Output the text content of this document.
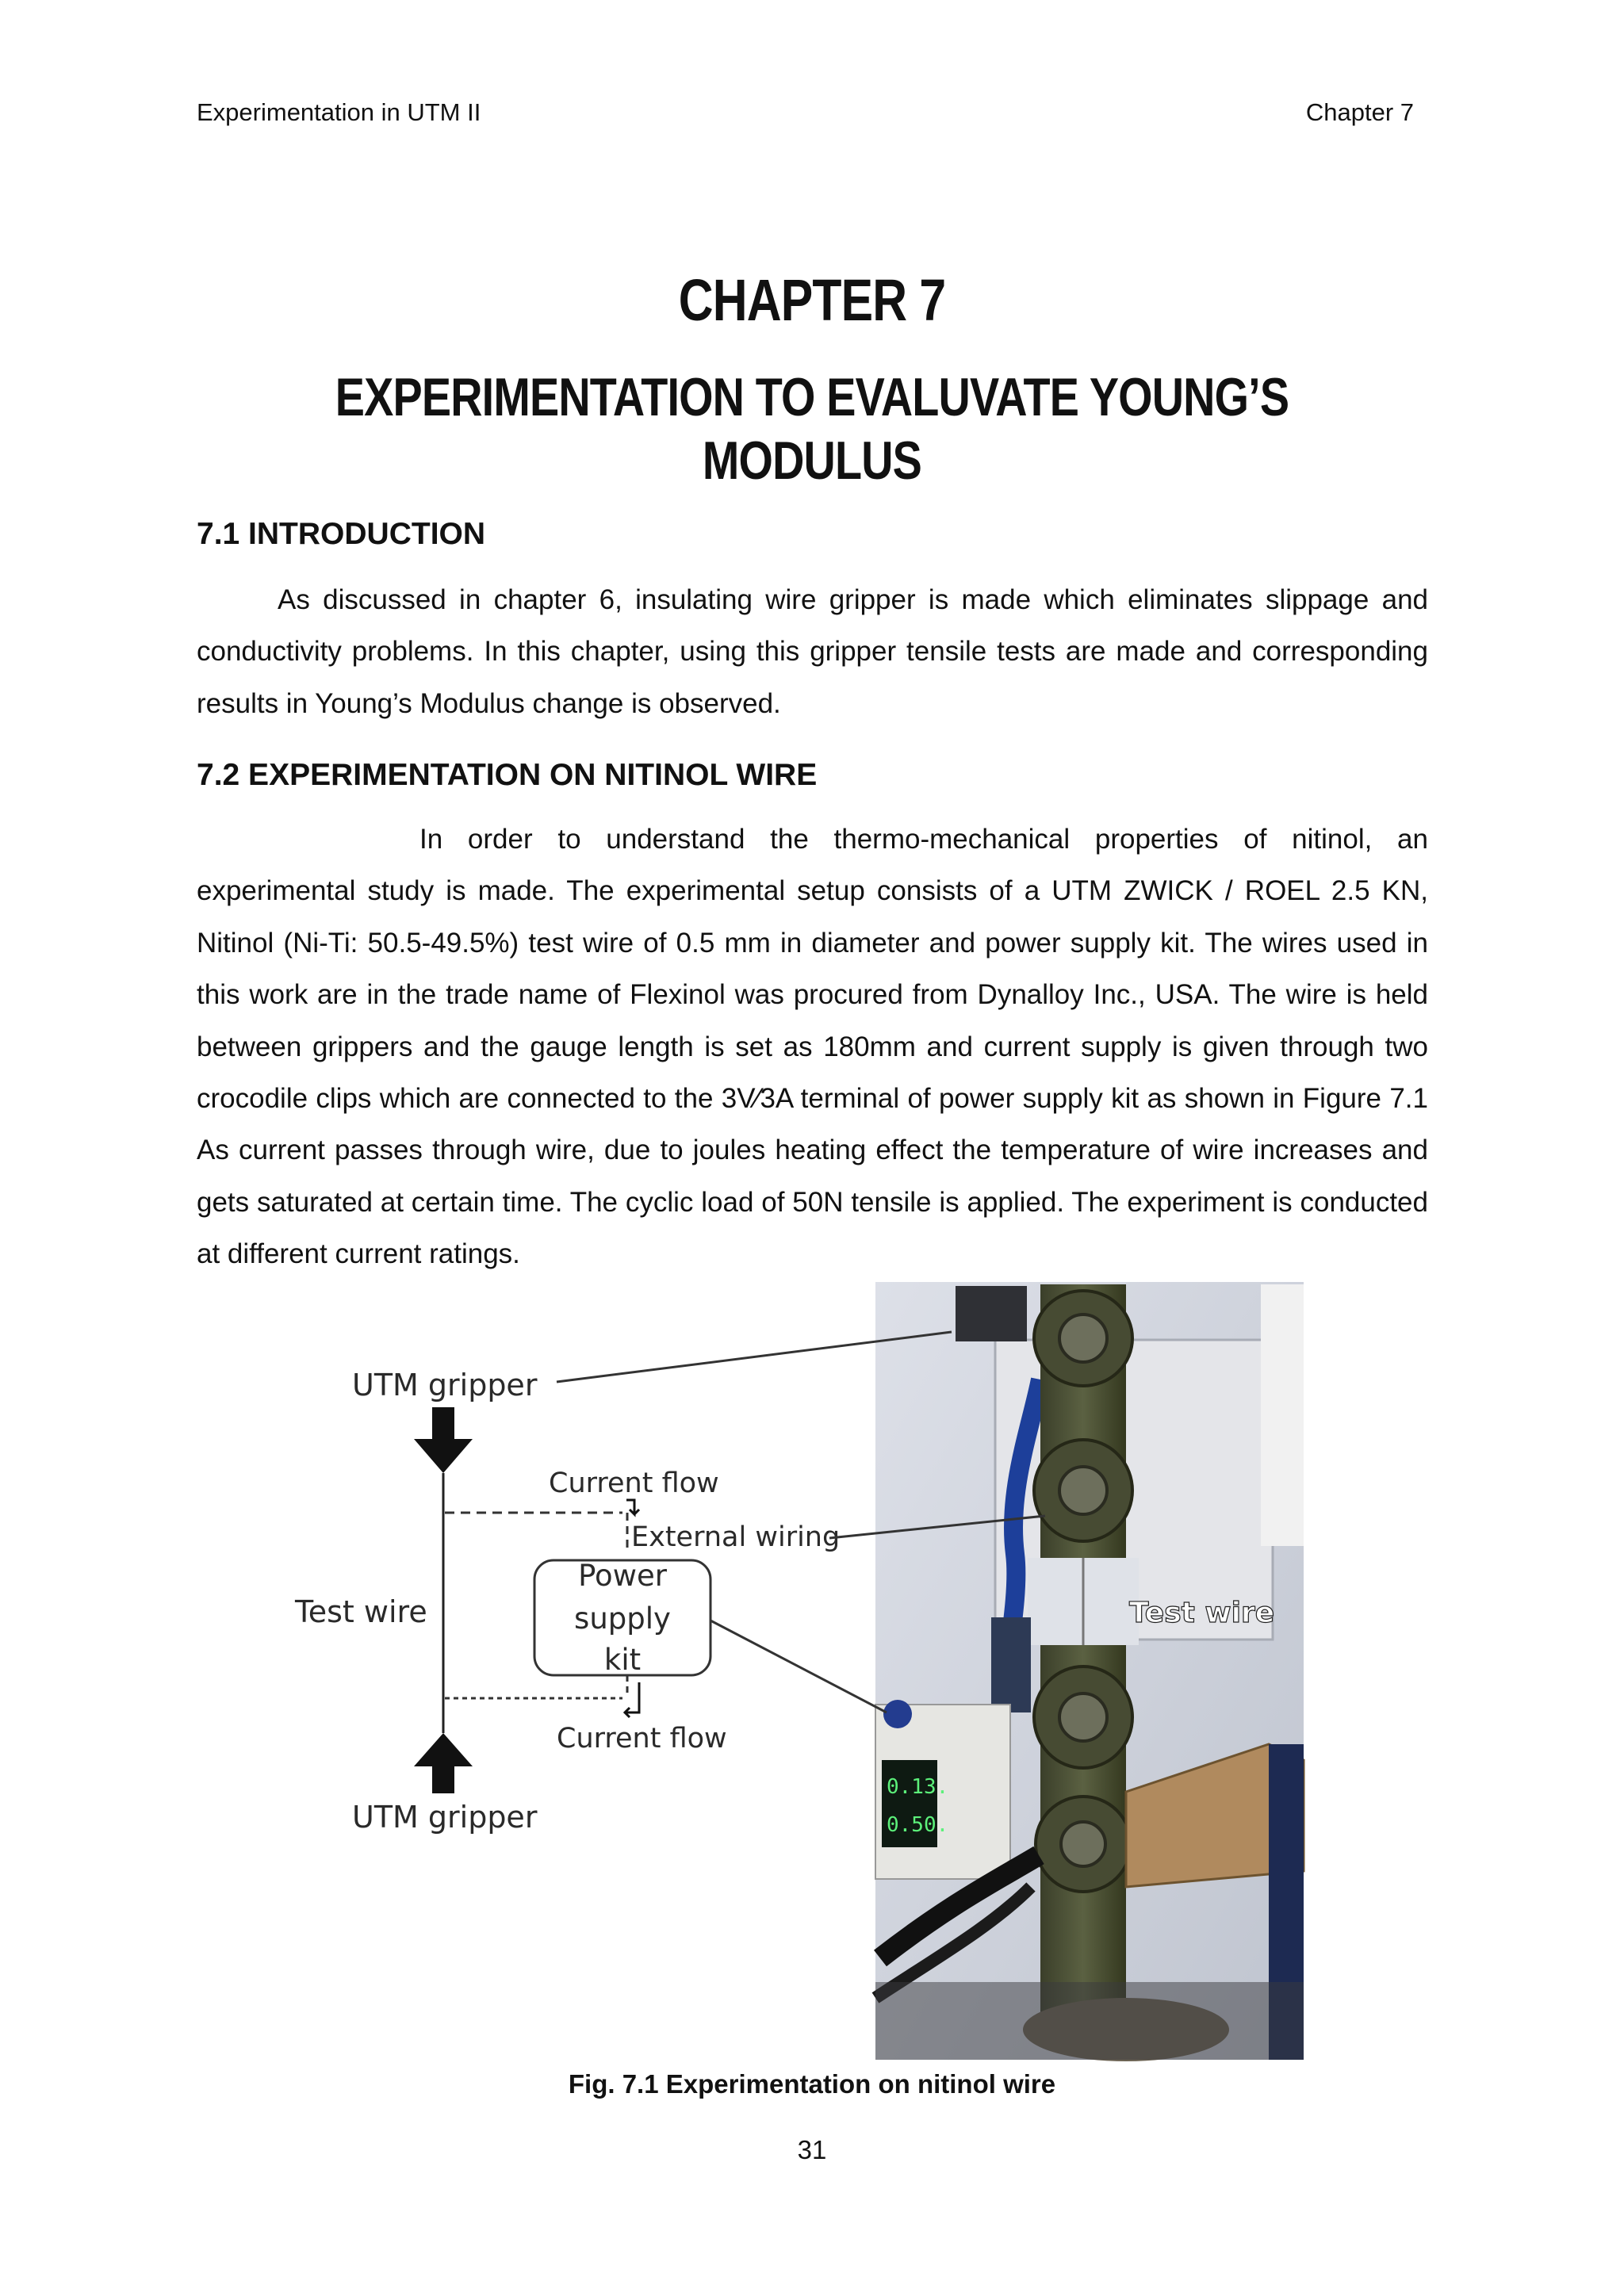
Experimentation in UTM II	Chapter 7
CHAPTER 7
EXPERIMENTATION TO EVALUVATE YOUNG’S
MODULUS
7.1 INTRODUCTION

As discussed in chapter 6, insulating wire gripper is made which eliminates slippage and conductivity problems. In this chapter, using this gripper tensile tests are made and corresponding results in Young’s Modulus change is observed.

7.2 EXPERIMENTATION ON NITINOL WIRE

In order to understand the thermo-mechanical properties of nitinol, an experimental study is made. The experimental setup consists of a UTM ZWICK / ROEL 2.5 KN, Nitinol (Ni-Ti: 50.5-49.5%) test wire of 0.5 mm in diameter and power supply kit. The wires used in this work are in the trade name of Flexinol was procured from Dynalloy Inc., USA. The wire is held between grippers and the gauge length is set as 180mm and current supply is given through two crocodile clips which are connected to the 3V⁄3A terminal of power supply kit as shown in Figure 7.1 As current passes through wire, due to joules heating effect the temperature of wire increases and gets saturated at certain time. The cyclic load of 50N tensile is applied. The experiment is conducted at different current ratings.

0.13.
0.50.
Test wire
UTM gripper
Current flow
External wiring
Test wire
Power
supply
kit
Current flow
UTM gripper
Fig. 7.1 Experimentation on nitinol wire
31
